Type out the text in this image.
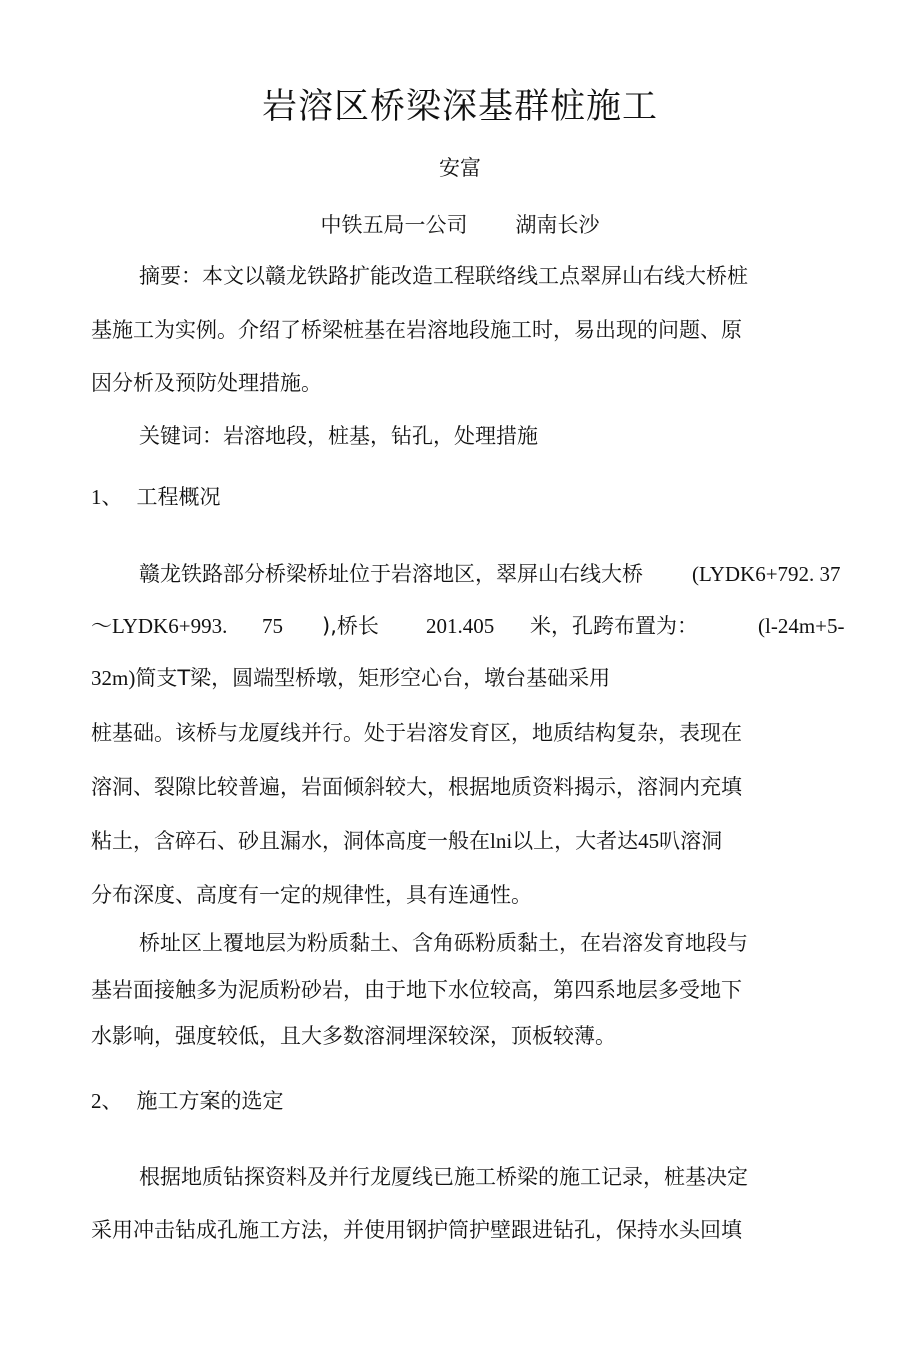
岩溶区桥梁深基群桩施工

安富

中铁五局一公司 湖南长沙

摘要：本文以赣龙铁路扩能改造工程联络线工点翠屏山右线大桥桩

基施工为实例。介绍了桥梁桩基在岩溶地段施工时，易出现的问题、原

因分析及预防处理措施。

关键词：岩溶地段，桩基，钻孔，处理措施

1、 工程概况

赣龙铁路部分桥梁桥址位于岩溶地区，翠屏山右线大桥 (LYDK6+792. 37

～LYDK6+993. 75 ),桥长 201.405 米，孔跨布置为：	(l-24m+5-

32m)简支T梁，圆端型桥墩，矩形空心台，墩台基础采用

桩基础。该桥与龙厦线并行。处于岩溶发育区，地质结构复杂，表现在

溶洞、裂隙比较普遍，岩面倾斜较大，根据地质资料揭示，溶洞内充填

粘土，含碎石、砂且漏水，洞体高度一般在lni以上，大者达45叭溶洞

分布深度、高度有一定的规律性，具有连通性。

桥址区上覆地层为粉质黏土、含角砾粉质黏土，在岩溶发育地段与

基岩面接触多为泥质粉砂岩，由于地下水位较高，第四系地层多受地下

水影响，强度较低，且大多数溶洞埋深较深，顶板较薄。

2、 施工方案的选定

根据地质钻探资料及并行龙厦线已施工桥梁的施工记录，桩基决定

采用冲击钻成孔施工方法，并使用钢护筒护壁跟进钻孔，保持水头回填
